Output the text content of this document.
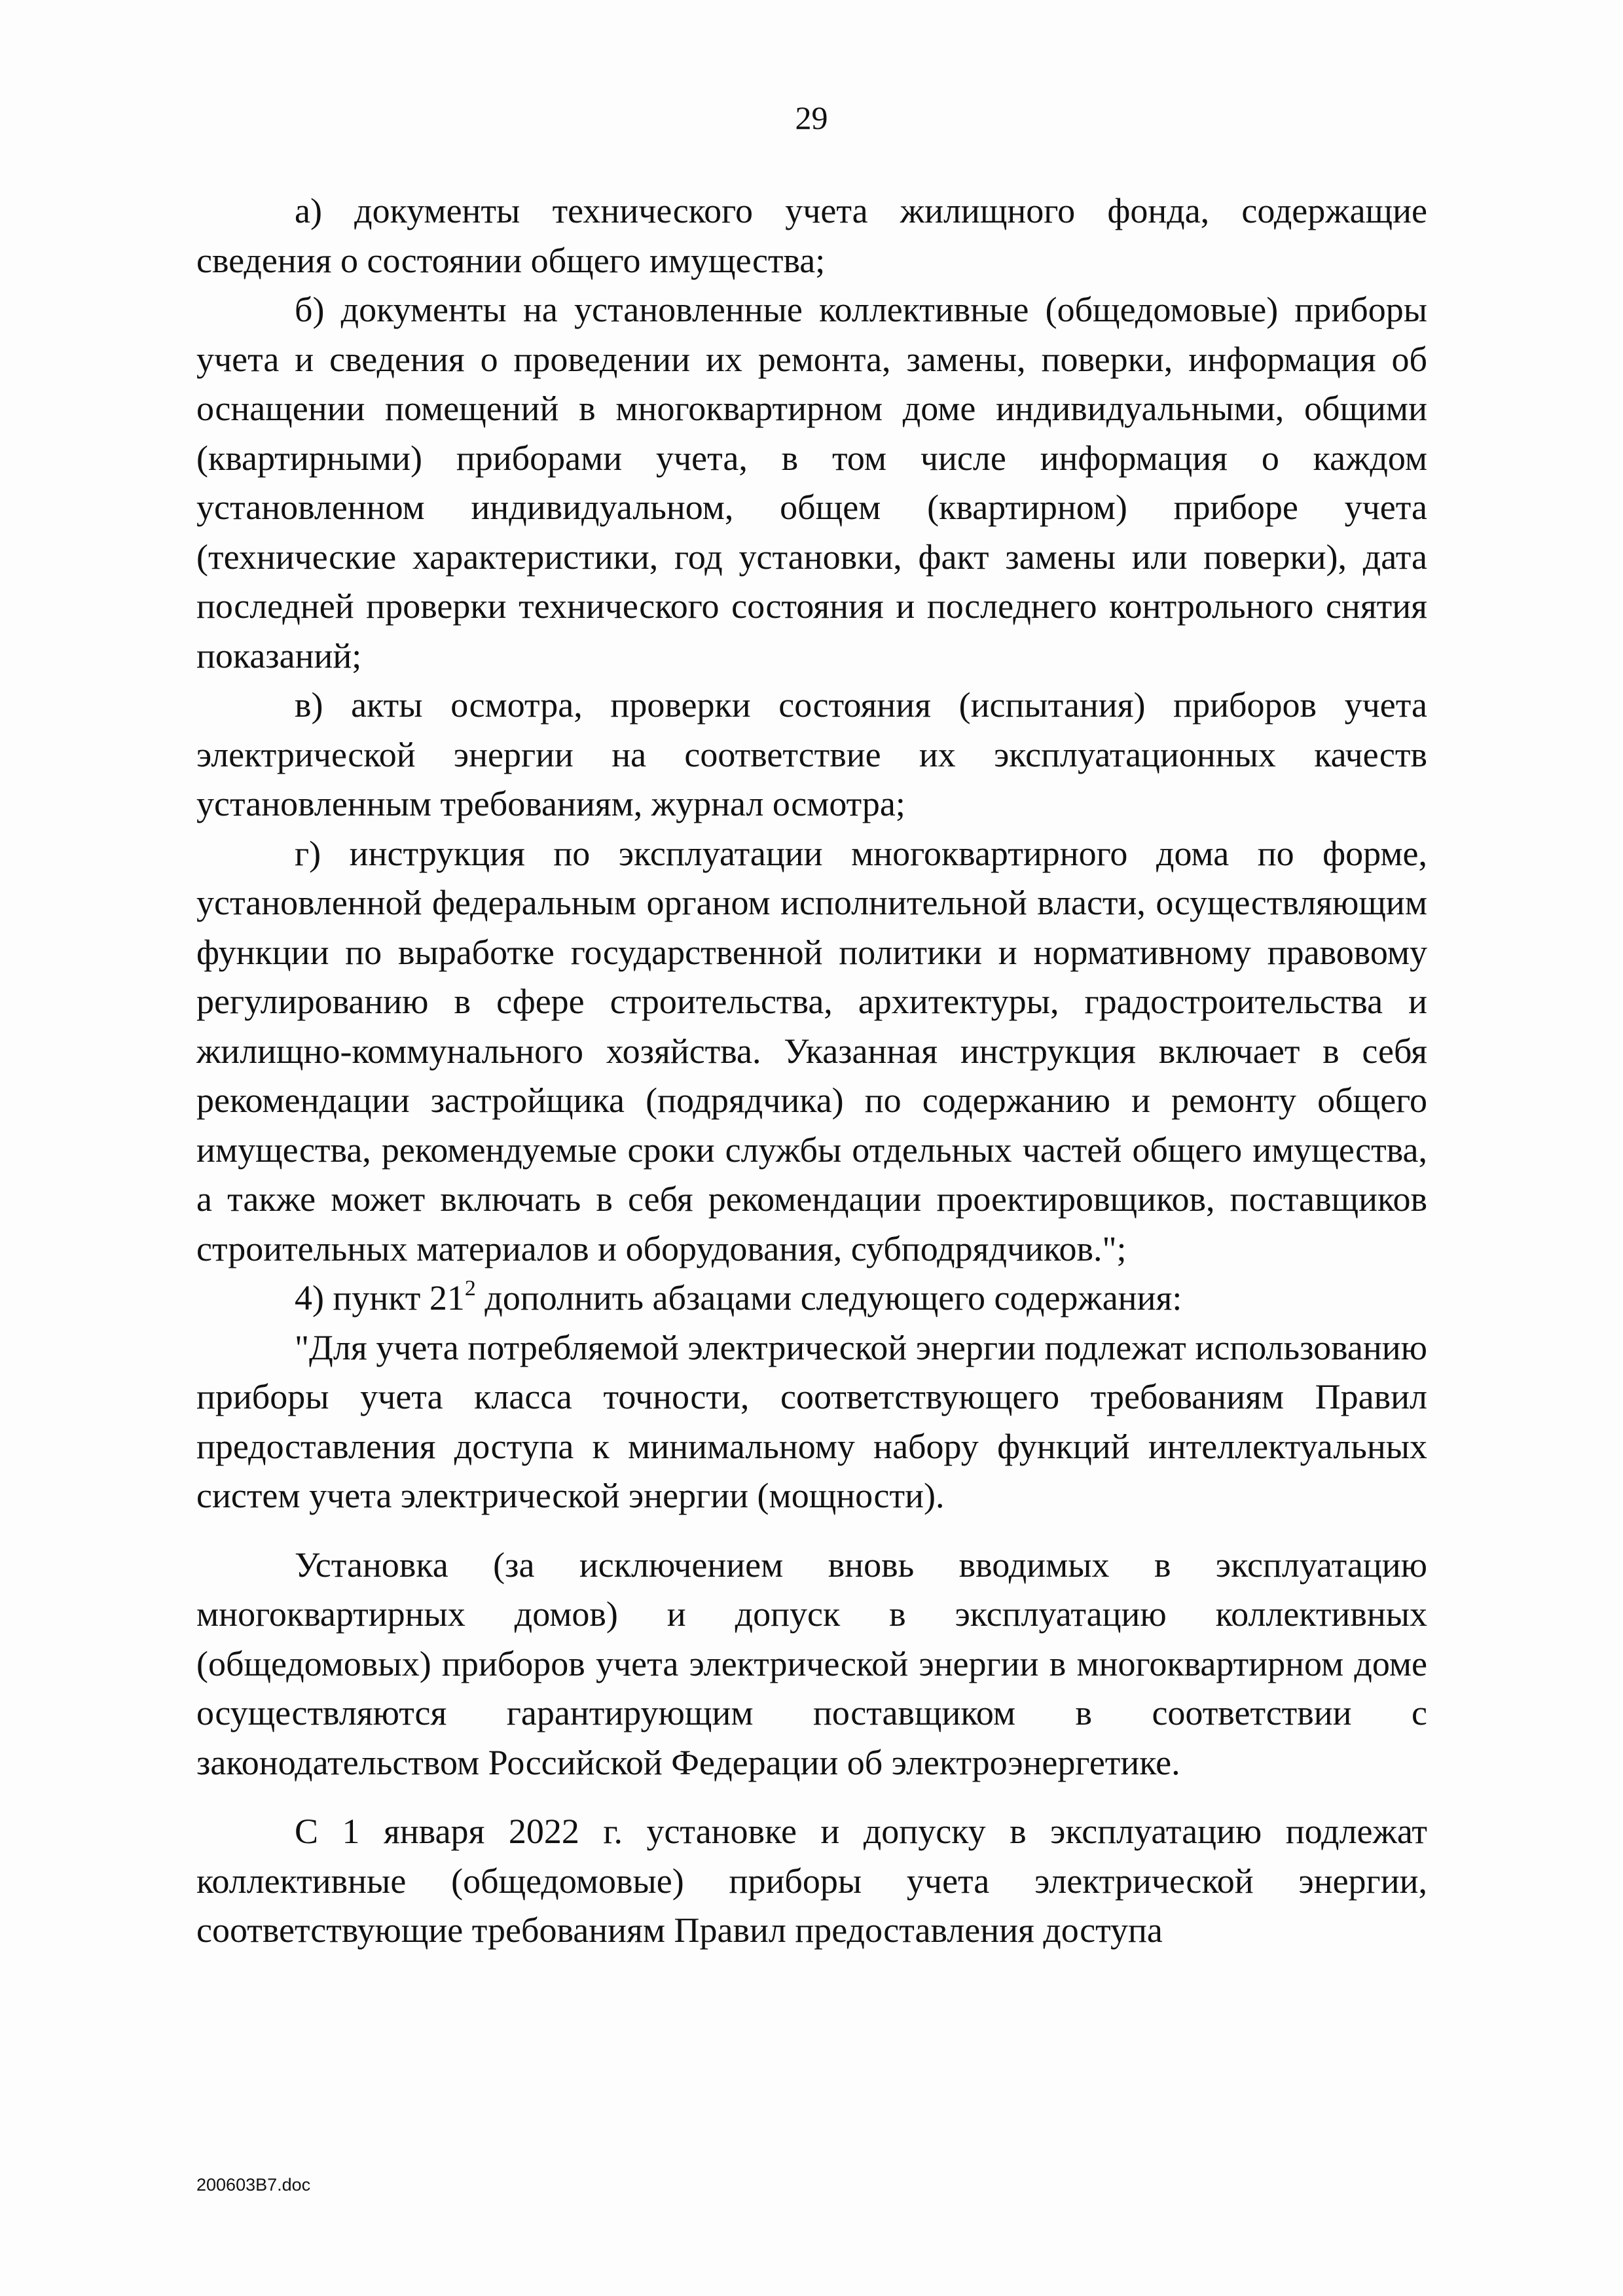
29

а) документы технического учета жилищного фонда, содержащие сведения о состоянии общего имущества;

б) документы на установленные коллективные (общедомовые) приборы учета и сведения о проведении их ремонта, замены, поверки, информация об оснащении помещений в многоквартирном доме индивидуальными, общими (квартирными) приборами учета, в том числе информация о каждом установленном индивидуальном, общем (квартирном) приборе учета (технические характеристики, год установки, факт замены или поверки), дата последней проверки технического состояния и последнего контрольного снятия показаний;

в) акты осмотра, проверки состояния (испытания) приборов учета электрической энергии на соответствие их эксплуатационных качеств установленным требованиям, журнал осмотра;

г) инструкция по эксплуатации многоквартирного дома по форме, установленной федеральным органом исполнительной власти, осуществляющим функции по выработке государственной политики и нормативному правовому регулированию в сфере строительства, архитектуры, градостроительства и жилищно-коммунального хозяйства. Указанная инструкция включает в себя рекомендации застройщика (подрядчика) по содержанию и ремонту общего имущества, рекомендуемые сроки службы отдельных частей общего имущества, а также может включать в себя рекомендации проектировщиков, поставщиков строительных материалов и оборудования, субподрядчиков.";

4) пункт $21^2$ дополнить абзацами следующего содержания:

"Для учета потребляемой электрической энергии подлежат использованию приборы учета класса точности, соответствующего требованиям Правил предоставления доступа к минимальному набору функций интеллектуальных систем учета электрической энергии (мощности).

Установка (за исключением вновь вводимых в эксплуатацию многоквартирных домов) и допуск в эксплуатацию коллективных (общедомовых) приборов учета электрической энергии в многоквартирном доме осуществляются гарантирующим поставщиком в соответствии с законодательством Российской Федерации об электроэнергетике.

С 1 января 2022 г. установке и допуску в эксплуатацию подлежат коллективные (общедомовые) приборы учета электрической энергии, соответствующие требованиям Правил предоставления доступа

200603В7.doc
